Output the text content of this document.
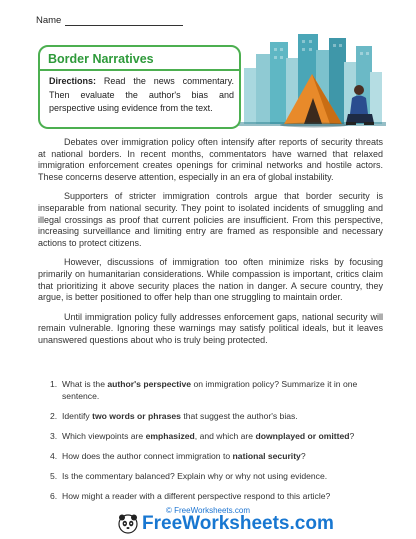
Name
Border Narratives
Directions: Read the news commentary. Then evaluate the author's bias and perspective using evidence from the text.

Debates over immigration policy often intensify after reports of security threats at national borders. In recent months, commentators have warned that relaxed immigration enforcement creates openings for criminal networks and hostile actors. These concerns deserve attention, especially in an era of global instability.

Supporters of stricter immigration controls argue that border security is inseparable from national security. They point to isolated incidents of smuggling and illegal crossings as proof that current policies are insufficient. From this perspective, increasing surveillance and limiting entry are framed as responsible and necessary actions to protect citizens.

However, discussions of immigration too often minimize risks by focusing primarily on humanitarian considerations. While compassion is important, critics claim that prioritizing it above security places the nation in danger. A secure country, they argue, is better positioned to offer help than one struggling to maintain order.

Until immigration policy fully addresses enforcement gaps, national security will remain vulnerable. Ignoring these warnings may satisfy political ideals, but it leaves unanswered questions about who is truly being protected.

1. What is the author's perspective on immigration policy? Summarize it in one sentence.
2. Identify two words or phrases that suggest the author's bias.
3. Which viewpoints are emphasized, and which are downplayed or omitted?
4. How does the author connect immigration to national security?
5. Is the commentary balanced? Explain why or why not using evidence.
6. How might a reader with a different perspective respond to this article?
© FreeWorksheets.com
FreeWorksheets.com
